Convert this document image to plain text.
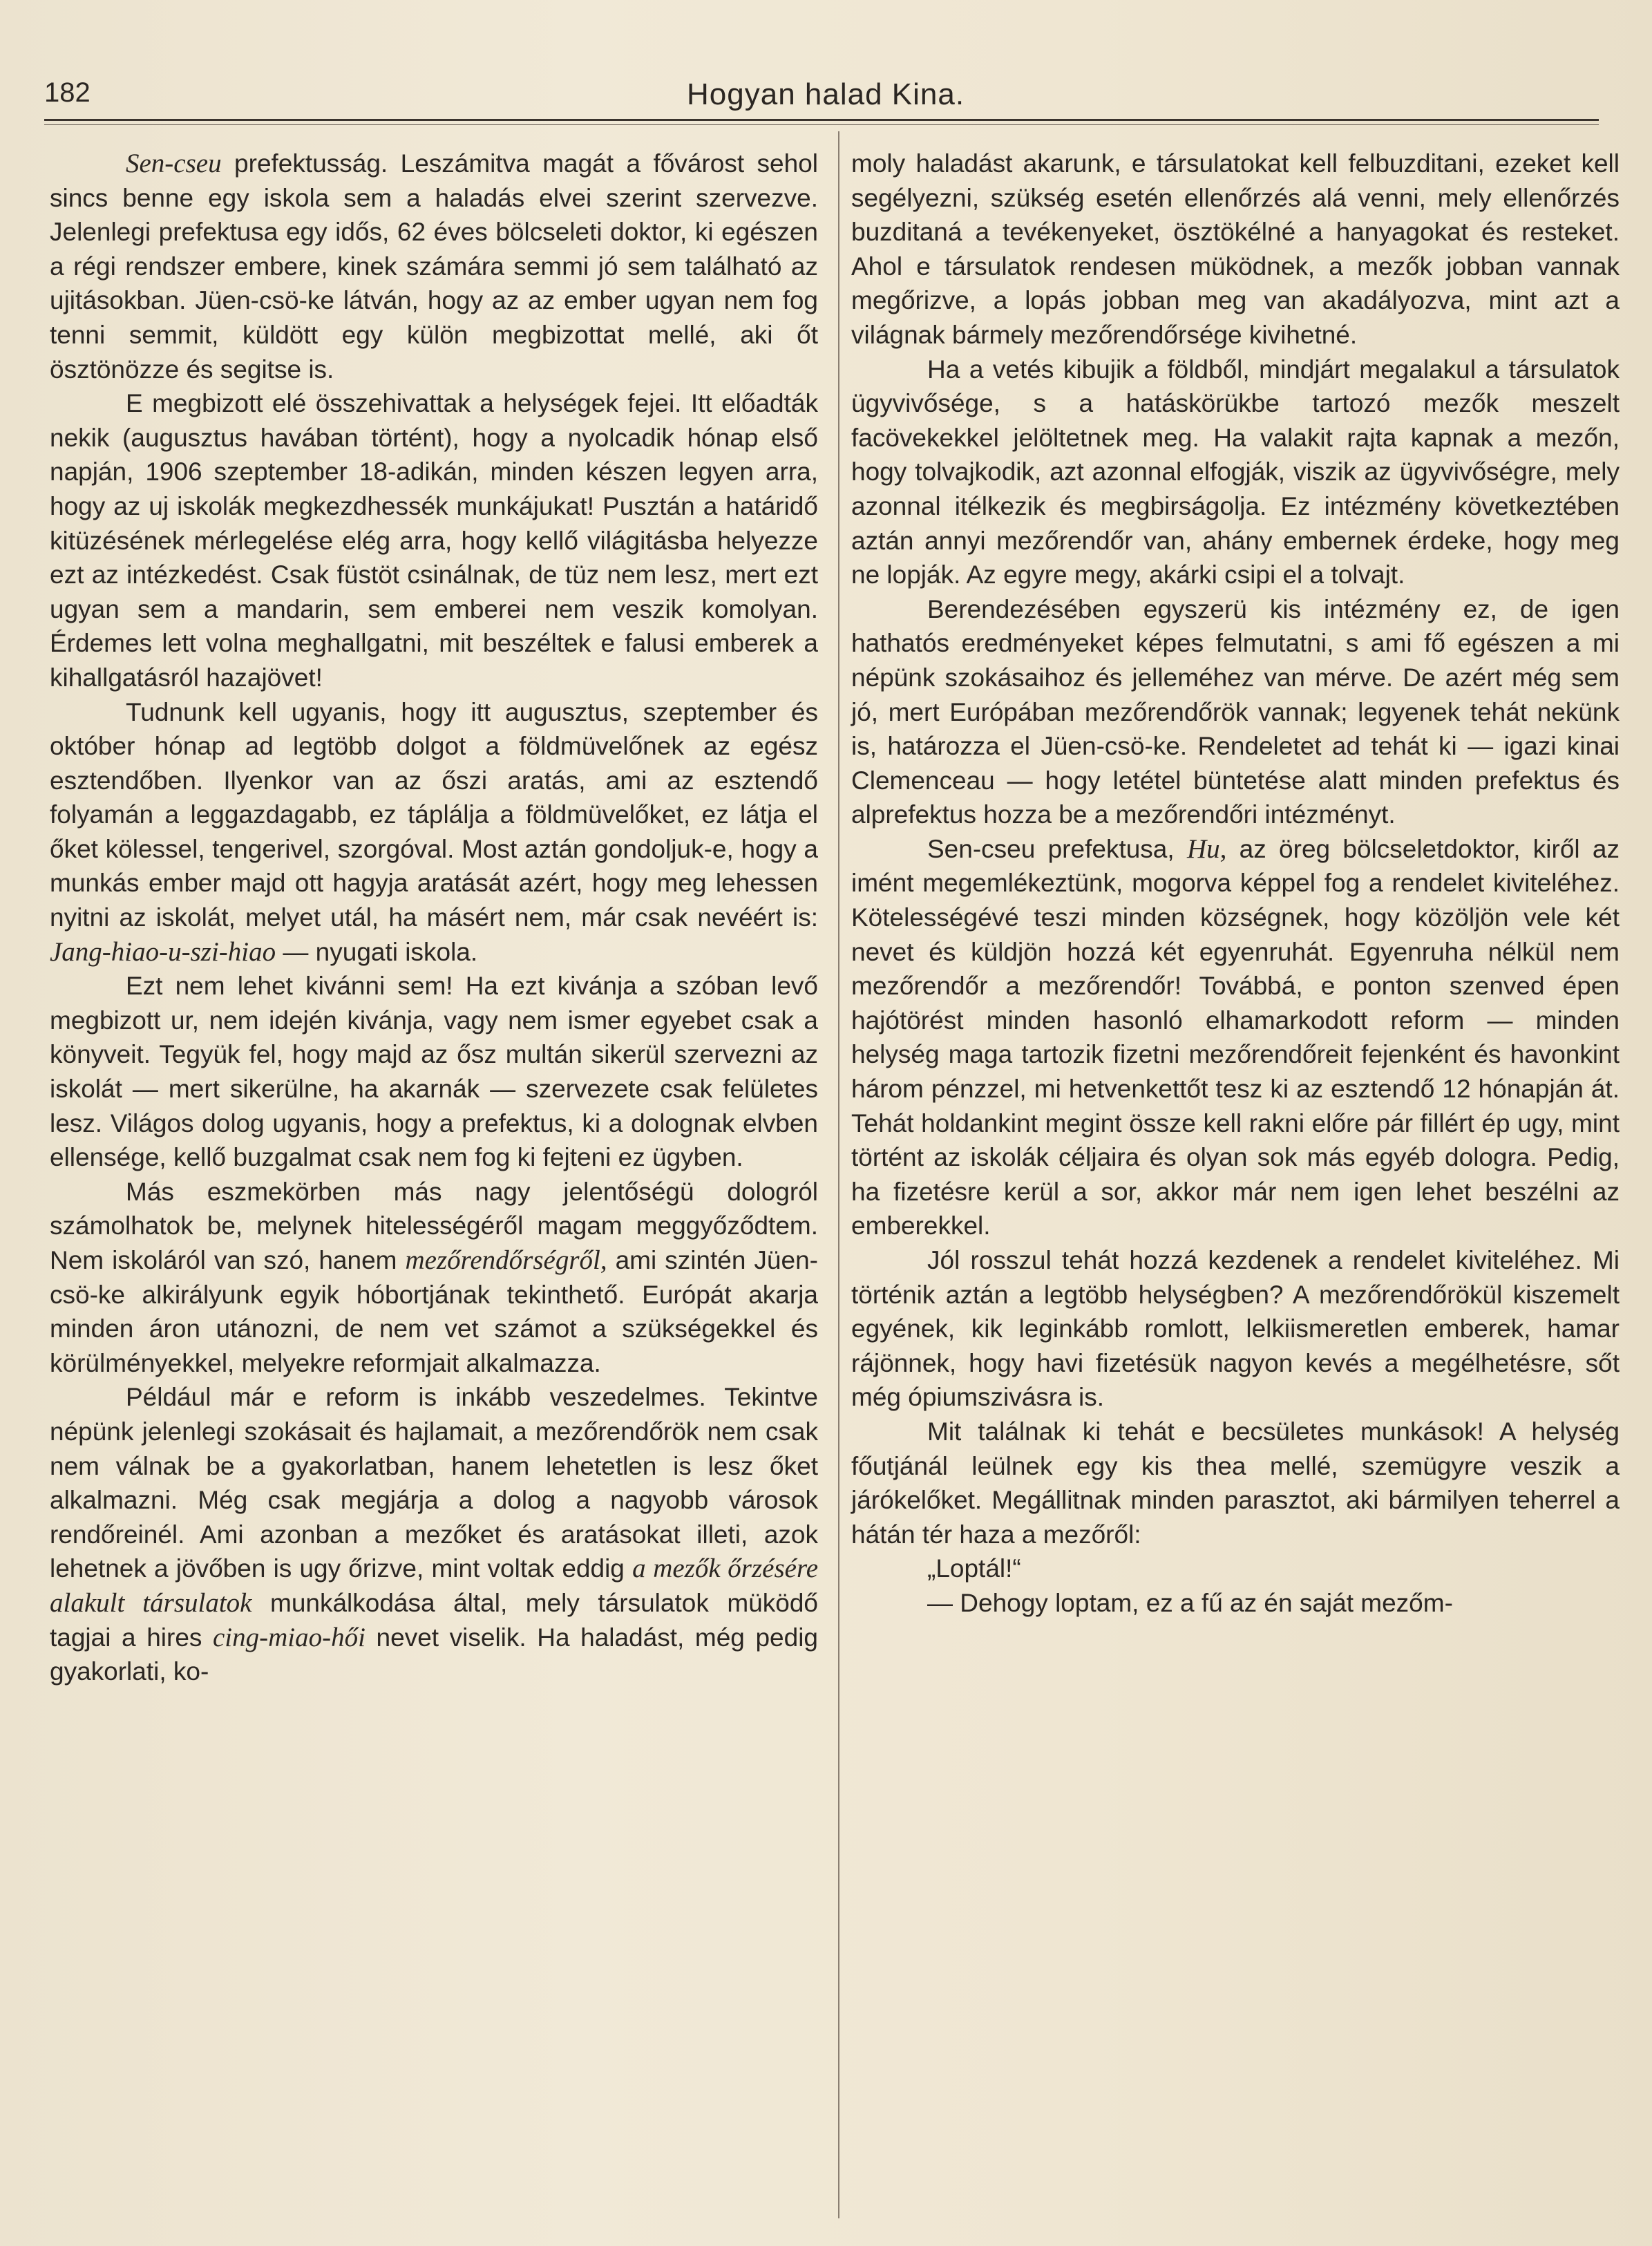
182	Hogyan halad Kina.

Sen-cseu prefektusság. Leszámitva magát a fővárost sehol sincs benne egy iskola sem a haladás elvei szerint szervezve. Jelenlegi prefektusa egy idős, 62 éves bölcseleti doktor, ki egészen a régi rendszer embere, kinek számára semmi jó sem található az ujitásokban. Jüen-csö-ke látván, hogy az az ember ugyan nem fog tenni semmit, küldött egy külön megbizottat mellé, aki őt ösztönözze és segitse is.

E megbizott elé összehivattak a helységek fejei. Itt előadták nekik (augusztus havában történt), hogy a nyolcadik hónap első napján, 1906 szeptember 18-adikán, minden készen legyen arra, hogy az uj iskolák megkezdhessék munkájukat! Pusztán a határidő kitüzésének mérlegelése elég arra, hogy kellő világitásba helyezze ezt az intézkedést. Csak füstöt csinálnak, de tüz nem lesz, mert ezt ugyan sem a mandarin, sem emberei nem veszik komolyan. Érdemes lett volna meghallgatni, mit beszéltek e falusi emberek a kihallgatásról hazajövet!

Tudnunk kell ugyanis, hogy itt augusztus, szeptember és október hónap ad legtöbb dolgot a földmüvelőnek az egész esztendőben. Ilyenkor van az őszi aratás, ami az esztendő folyamán a leggazdagabb, ez táplálja a földmüvelőket, ez látja el őket kölessel, tengerivel, szorgóval. Most aztán gondoljuk-e, hogy a munkás ember majd ott hagyja aratását azért, hogy meg lehessen nyitni az iskolát, melyet utál, ha másért nem, már csak nevéért is: Jang-hiao-u-szi-hiao — nyugati iskola.

Ezt nem lehet kivánni sem! Ha ezt kivánja a szóban levő megbizott ur, nem idején kivánja, vagy nem ismer egyebet csak a könyveit. Tegyük fel, hogy majd az ősz multán sikerül szervezni az iskolát — mert sikerülne, ha akarnák — szervezete csak felületes lesz. Világos dolog ugyanis, hogy a prefektus, ki a dolognak elvben ellensége, kellő buzgalmat csak nem fog ki fejteni ez ügyben.

Más eszmekörben más nagy jelentőségü dologról számolhatok be, melynek hitelességéről magam meggyőződtem. Nem iskoláról van szó, hanem mezőrendőrségről, ami szintén Jüen-csö-ke alkirályunk egyik hóbortjának tekinthető. Európát akarja minden áron utánozni, de nem vet számot a szükségekkel és körülményekkel, melyekre reformjait alkalmazza.

Például már e reform is inkább veszedelmes. Tekintve népünk jelenlegi szokásait és hajlamait, a mezőrendőrök nem csak nem válnak be a gyakorlatban, hanem lehetetlen is lesz őket alkalmazni. Még csak megjárja a dolog a nagyobb városok rendőreinél. Ami azonban a mezőket és aratásokat illeti, azok lehetnek a jövőben is ugy őrizve, mint voltak eddig a mezők őrzésére alakult társulatok munkálkodása által, mely társulatok müködő tagjai a hires cing-miao-hői nevet viselik. Ha haladást, még pedig gyakorlati, ko-

moly haladást akarunk, e társulatokat kell felbuzditani, ezeket kell segélyezni, szükség esetén ellenőrzés alá venni, mely ellenőrzés buzditaná a tevékenyeket, ösztökélné a hanyagokat és resteket. Ahol e társulatok rendesen müködnek, a mezők jobban vannak megőrizve, a lopás jobban meg van akadályozva, mint azt a világnak bármely mezőrendőrsége kivihetné.

Ha a vetés kibujik a földből, mindjárt megalakul a társulatok ügyvivősége, s a hatáskörükbe tartozó mezők meszelt facövekekkel jelöltetnek meg. Ha valakit rajta kapnak a mezőn, hogy tolvajkodik, azt azonnal elfogják, viszik az ügyvivőségre, mely azonnal itélkezik és megbirságolja. Ez intézmény következtében aztán annyi mezőrendőr van, ahány embernek érdeke, hogy meg ne lopják. Az egyre megy, akárki csipi el a tolvajt.

Berendezésében egyszerü kis intézmény ez, de igen hathatós eredményeket képes felmutatni, s ami fő egészen a mi népünk szokásaihoz és jelleméhez van mérve. De azért még sem jó, mert Európában mezőrendőrök vannak; legyenek tehát nekünk is, határozza el Jüen-csö-ke. Rendeletet ad tehát ki — igazi kinai Clemenceau — hogy letétel büntetése alatt minden prefektus és alprefektus hozza be a mezőrendőri intézményt.

Sen-cseu prefektusa, Hu, az öreg bölcseletdoktor, kiről az imént megemlékeztünk, mogorva képpel fog a rendelet kiviteléhez. Kötelességévé teszi minden községnek, hogy közöljön vele két nevet és küldjön hozzá két egyenruhát. Egyenruha nélkül nem mezőrendőr a mezőrendőr! Továbbá, e ponton szenved épen hajótörést minden hasonló elhamarkodott reform — minden helység maga tartozik fizetni mezőrendőreit fejenként és havonkint három pénzzel, mi hetvenkettőt tesz ki az esztendő 12 hónapján át. Tehát holdankint megint össze kell rakni előre pár fillért ép ugy, mint történt az iskolák céljaira és olyan sok más egyéb dologra. Pedig, ha fizetésre kerül a sor, akkor már nem igen lehet beszélni az emberekkel.

Jól rosszul tehát hozzá kezdenek a rendelet kiviteléhez. Mi történik aztán a legtöbb helységben? A mezőrendőrökül kiszemelt egyének, kik leginkább romlott, lelkiismeretlen emberek, hamar rájönnek, hogy havi fizetésük nagyon kevés a megélhetésre, sőt még ópiumszivásra is.

Mit találnak ki tehát e becsületes munkások! A helység főutjánál leülnek egy kis thea mellé, szemügyre veszik a járókelőket. Megállitnak minden parasztot, aki bármilyen teherrel a hátán tér haza a mezőről:

„Loptál!“

— Dehogy loptam, ez a fű az én saját mezőm-
